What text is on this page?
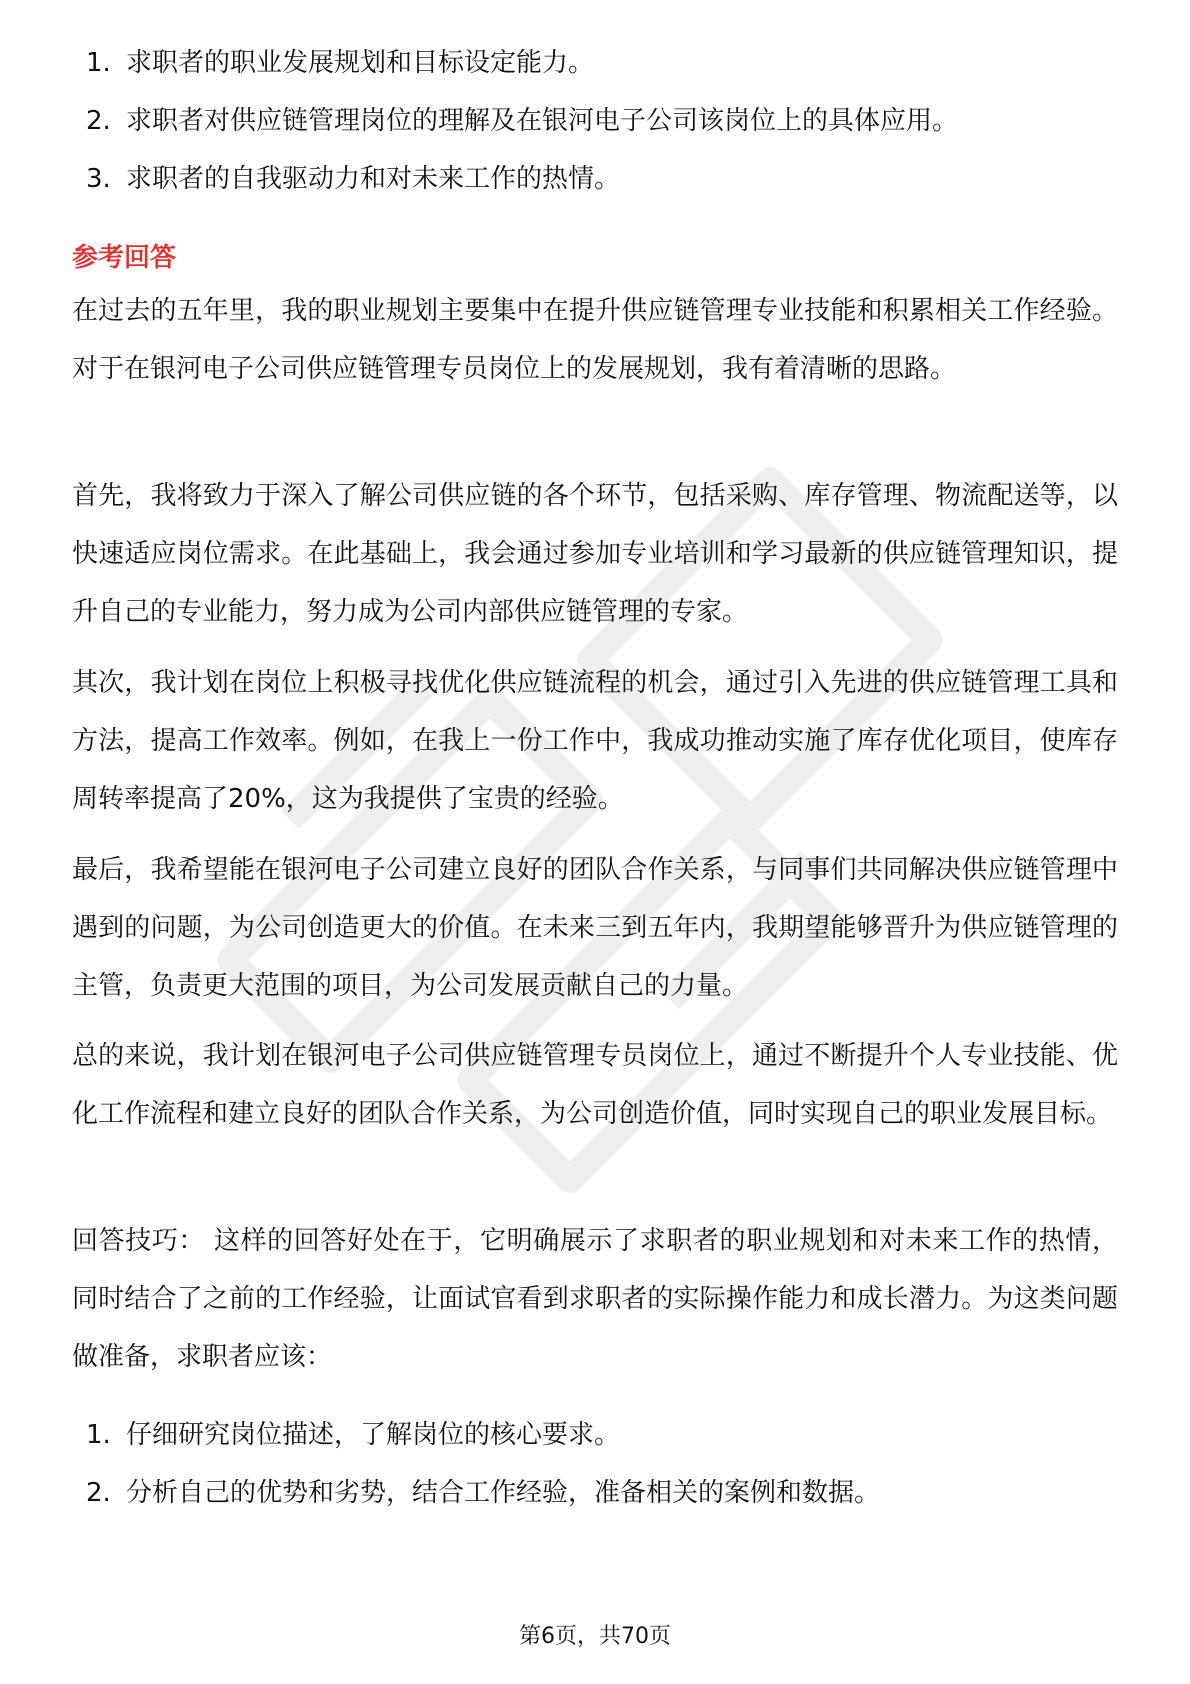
1. 求职者的职业发展规划和目标设定能力。
2. 求职者对供应链管理岗位的理解及在银河电子公司该岗位上的具体应用。
3. 求职者的自我驱动力和对未来工作的热情。
参考回答

在过去的五年里，我的职业规划主要集中在提升供应链管理专业技能和积累相关工作经验。对于在银河电子公司供应链管理专员岗位上的发展规划，我有着清晰的思路。

首先，我将致力于深入了解公司供应链的各个环节，包括采购、库存管理、物流配送等，以快速适应岗位需求。在此基础上，我会通过参加专业培训和学习最新的供应链管理知识，提升自己的专业能力，努力成为公司内部供应链管理的专家。

其次，我计划在岗位上积极寻找优化供应链流程的机会，通过引入先进的供应链管理工具和方法，提高工作效率。例如，在我上一份工作中，我成功推动实施了库存优化项目，使库存周转率提高了20%，这为我提供了宝贵的经验。

最后，我希望能在银河电子公司建立良好的团队合作关系，与同事们共同解决供应链管理中遇到的问题，为公司创造更大的价值。在未来三到五年内，我期望能够晋升为供应链管理的主管，负责更大范围的项目，为公司发展贡献自己的力量。

总的来说，我计划在银河电子公司供应链管理专员岗位上，通过不断提升个人专业技能、优化工作流程和建立良好的团队合作关系，为公司创造价值，同时实现自己的职业发展目标。

回答技巧： 这样的回答好处在于，它明确展示了求职者的职业规划和对未来工作的热情，同时结合了之前的工作经验，让面试官看到求职者的实际操作能力和成长潜力。为这类问题做准备，求职者应该：

1. 仔细研究岗位描述，了解岗位的核心要求。
2. 分析自己的优势和劣势，结合工作经验，准备相关的案例和数据。
第6页，共70页
